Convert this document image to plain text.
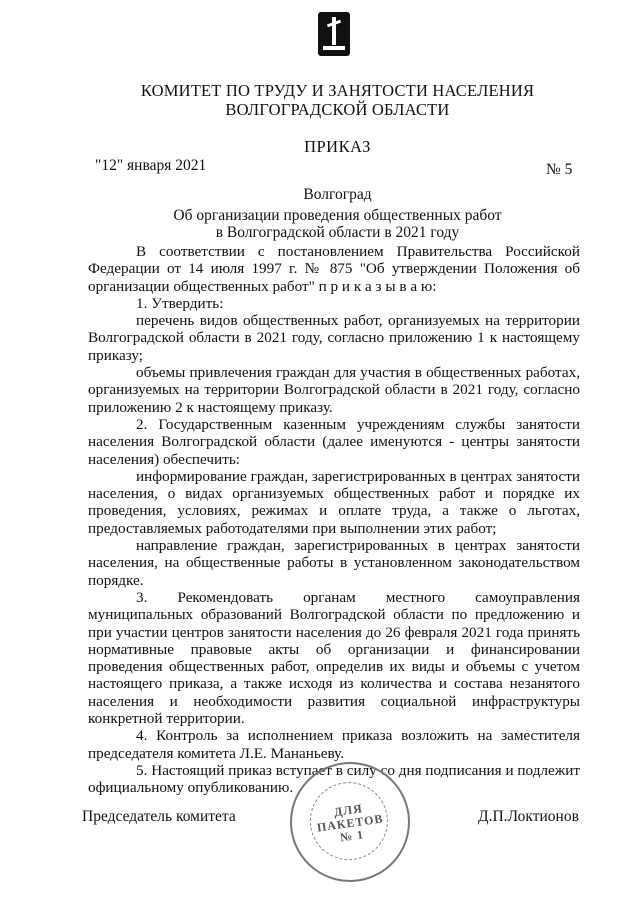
КОМИТЕТ ПО ТРУДУ И ЗАНЯТОСТИ НАСЕЛЕНИЯ
ВОЛГОГРАДСКОЙ ОБЛАСТИ
ПРИКАЗ
"12" января 2021	№ 5
Волгоград
Об организации проведения общественных работ
в Волгоградской области в 2021 году

В соответствии с постановлением Правительства Российской Федерации от 14 июля 1997 г. № 875 "Об утверждении Положения об организации общественных работ" п р и к а з ы в а ю:

1. Утвердить:

перечень видов общественных работ, организуемых на территории Волгоградской области в 2021 году, согласно приложению 1 к настоящему приказу;

объемы привлечения граждан для участия в общественных работах, организуемых на территории Волгоградской области в 2021 году, согласно приложению 2 к настоящему приказу.

2. Государственным казенным учреждениям службы занятости населения Волгоградской области (далее именуются - центры занятости населения) обеспечить:

информирование граждан, зарегистрированных в центрах занятости населения, о видах организуемых общественных работ и порядке их проведения, условиях, режимах и оплате труда, а также о льготах, предоставляемых работодателями при выполнении этих работ;

направление граждан, зарегистрированных в центрах занятости населения, на общественные работы в установленном законодательством порядке.

3. Рекомендовать органам местного самоуправления муниципальных образований Волгоградской области по предложению и при участии центров занятости населения до 26 февраля 2021 года принять нормативные правовые акты об организации и финансировании проведения общественных работ, определив их виды и объемы с учетом настоящего приказа, а также исходя из количества и состава незанятого населения и необходимости развития социальной инфраструктуры конкретной территории.

4. Контроль за исполнением приказа возложить на заместителя председателя комитета Л.Е. Мананьеву.

5. Настоящий приказ вступает в силу со дня подписания и подлежит официальному опубликованию.

Председатель комитета	ДЛЯ
ПАКЕТОВ
№ 1
Д.П.Локтионов
